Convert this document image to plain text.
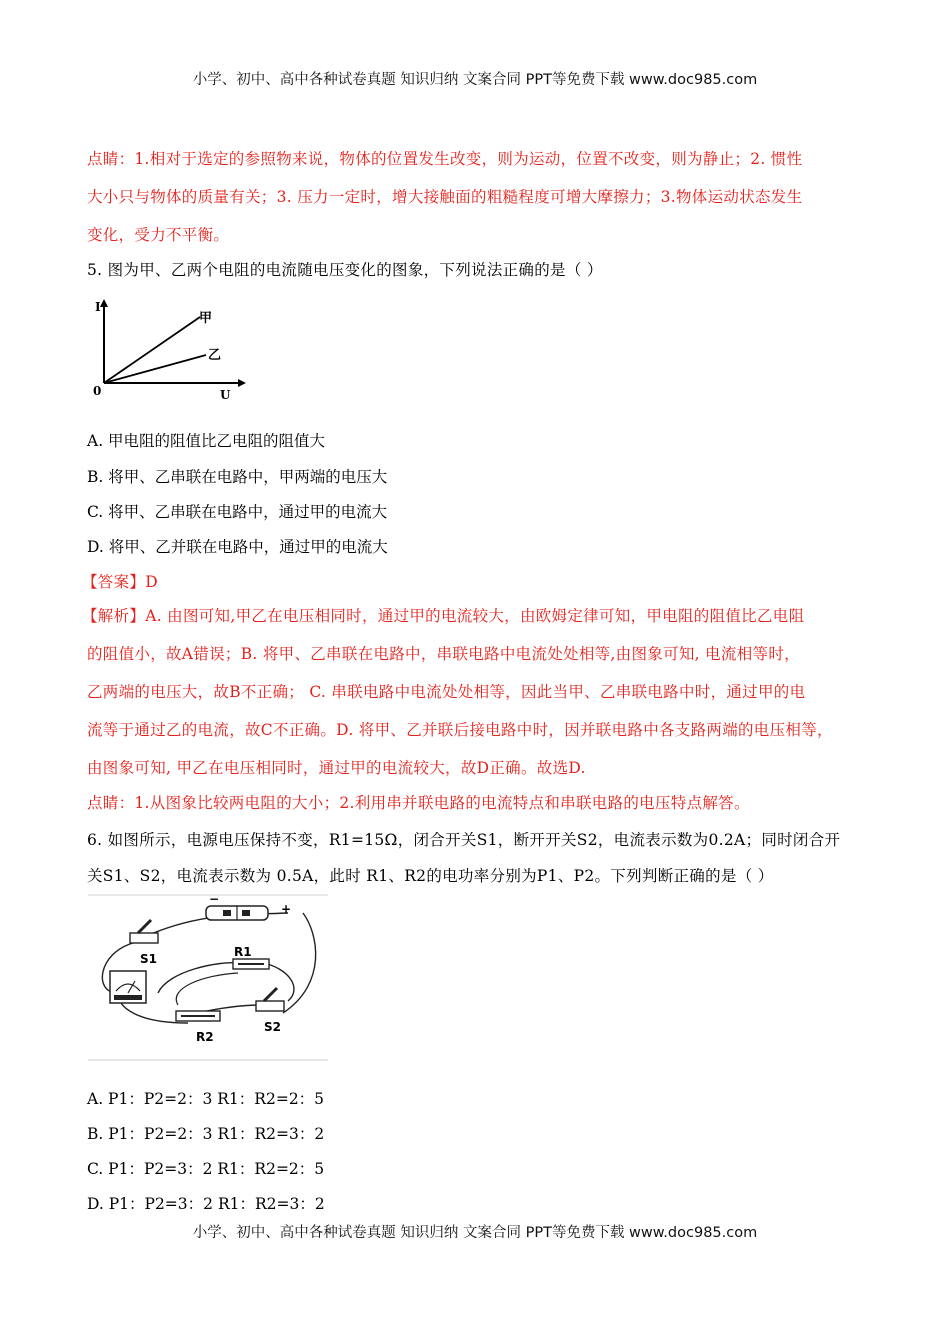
小学、初中、高中各种试卷真题 知识归纳 文案合同 PPT等免费下载 www.doc985.com
点睛：1.相对于选定的参照物来说，物体的位置发生改变，则为运动，位置不改变，则为静止；2. 惯性
大小只与物体的质量有关；3. 压力一定时，增大接触面的粗糙程度可增大摩擦力；3.物体运动状态发生
变化，受力不平衡。
5. 图为甲、乙两个电阻的电流随电压变化的图象，下列说法正确的是（ ）
I
0	U
甲
乙
A. 甲电阻的阻值比乙电阻的阻值大
B. 将甲、乙串联在电路中，甲两端的电压大
C. 将甲、乙串联在电路中，通过甲的电流大
D. 将甲、乙并联在电路中，通过甲的电流大
【答案】D
【解析】A. 由图可知,甲乙在电压相同时，通过甲的电流较大，由欧姆定律可知，甲电阻的阻值比乙电阻
的阻值小，故A错误；B. 将甲、乙串联在电路中，串联电路中电流处处相等,由图象可知, 电流相等时，
乙两端的电压大，故B不正确； C. 串联电路中电流处处相等，因此当甲、乙串联电路中时，通过甲的电
流等于通过乙的电流，故C不正确。D. 将甲、乙并联后接电路中时，因并联电路中各支路两端的电压相等，
由图象可知, 甲乙在电压相同时，通过甲的电流较大，故D正确。故选D.
点睛：1.从图象比较两电阻的大小；2.利用串并联电路的电流特点和串联电路的电压特点解答。
6. 如图所示，电源电压保持不变，R1=15Ω，闭合开关S1，断开开关S2，电流表示数为0.2A；同时闭合开
关S1、S2，电流表示数为 0.5A，此时 R1、R2的电功率分别为P1、P2。下列判断正确的是（ ）
−
+
S1	R1
R2
S2
A. P1：P2=2：3 R1：R2=2：5
B. P1：P2=2：3 R1：R2=3：2
C. P1：P2=3：2 R1：R2=2：5
D. P1：P2=3：2 R1：R2=3：2
小学、初中、高中各种试卷真题 知识归纳 文案合同 PPT等免费下载 www.doc985.com
